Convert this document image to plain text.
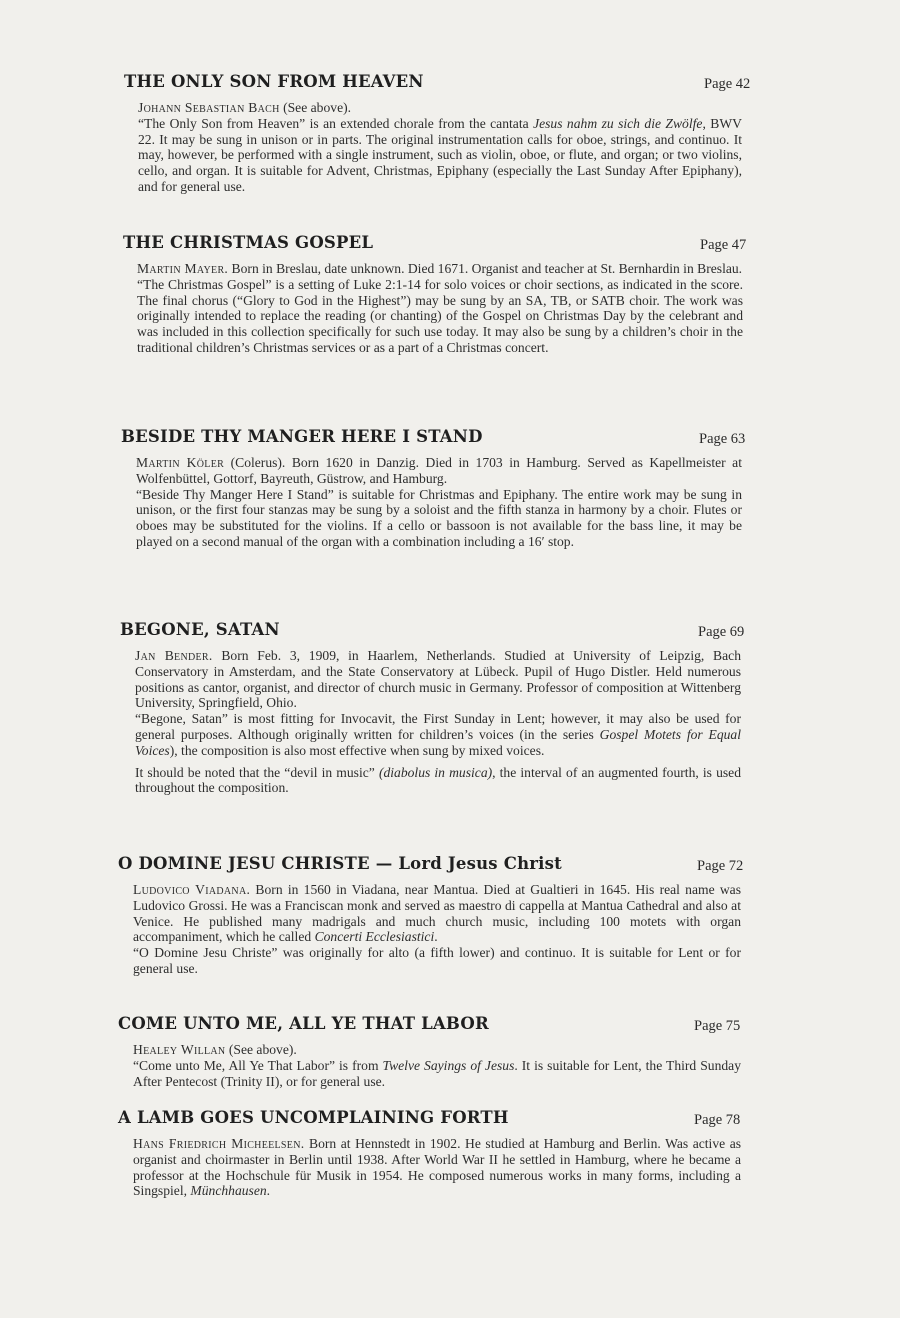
THE ONLY SON FROM HEAVEN	Page 42

Johann Sebastian Bach (See above).

“The Only Son from Heaven” is an extended chorale from the cantata Jesus nahm zu sich die Zwölfe, BWV 22. It may be sung in unison or in parts. The original instrumentation calls for oboe, strings, and continuo. It may, however, be performed with a single instrument, such as violin, oboe, or flute, and organ; or two violins, cello, and organ. It is suitable for Advent, Christmas, Epiphany (especially the Last Sunday After Epiphany), and for general use.

THE CHRISTMAS GOSPEL	Page 47

Martin Mayer. Born in Breslau, date unknown. Died 1671. Organist and teacher at St. Bernhardin in Breslau.

“The Christmas Gospel” is a setting of Luke 2:1-14 for solo voices or choir sections, as indicated in the score. The final chorus (“Glory to God in the Highest”) may be sung by an SA, TB, or SATB choir. The work was originally intended to replace the reading (or chanting) of the Gospel on Christmas Day by the celebrant and was included in this collection specifically for such use today. It may also be sung by a children’s choir in the traditional children’s Christmas services or as a part of a Christmas concert.

BESIDE THY MANGER HERE I STAND	Page 63

Martin Köler (Colerus). Born 1620 in Danzig. Died in 1703 in Hamburg. Served as Kapellmeister at Wolfenbüttel, Gottorf, Bayreuth, Güstrow, and Hamburg.

“Beside Thy Manger Here I Stand” is suitable for Christmas and Epiphany. The entire work may be sung in unison, or the first four stanzas may be sung by a soloist and the fifth stanza in harmony by a choir. Flutes or oboes may be substituted for the violins. If a cello or bassoon is not available for the bass line, it may be played on a second manual of the organ with a combination including a 16′ stop.

BEGONE, SATAN	Page 69

Jan Bender. Born Feb. 3, 1909, in Haarlem, Netherlands. Studied at University of Leipzig, Bach Conservatory in Amsterdam, and the State Conservatory at Lübeck. Pupil of Hugo Distler. Held numerous positions as cantor, organist, and director of church music in Germany. Professor of composition at Wittenberg University, Springfield, Ohio.

“Begone, Satan” is most fitting for Invocavit, the First Sunday in Lent; however, it may also be used for general purposes. Although originally written for children’s voices (in the series Gospel Motets for Equal Voices), the composition is also most effective when sung by mixed voices.

It should be noted that the “devil in music” (diabolus in musica), the interval of an augmented fourth, is used throughout the composition.

O DOMINE JESU CHRISTE — Lord Jesus Christ	Page 72

Ludovico Viadana. Born in 1560 in Viadana, near Mantua. Died at Gualtieri in 1645. His real name was Ludovico Grossi. He was a Franciscan monk and served as maestro di cappella at Mantua Cathedral and also at Venice. He published many madrigals and much church music, including 100 motets with organ accompaniment, which he called Concerti Ecclesiastici.

“O Domine Jesu Christe” was originally for alto (a fifth lower) and continuo. It is suitable for Lent or for general use.

COME UNTO ME, ALL YE THAT LABOR	Page 75

Healey Willan (See above).

“Come unto Me, All Ye That Labor” is from Twelve Sayings of Jesus. It is suitable for Lent, the Third Sunday After Pentecost (Trinity II), or for general use.

A LAMB GOES UNCOMPLAINING FORTH	Page 78

Hans Friedrich Micheelsen. Born at Hennstedt in 1902. He studied at Hamburg and Berlin. Was active as organist and choirmaster in Berlin until 1938. After World War II he settled in Hamburg, where he became a professor at the Hochschule für Musik in 1954. He composed numerous works in many forms, including a Singspiel, Münchhausen.
